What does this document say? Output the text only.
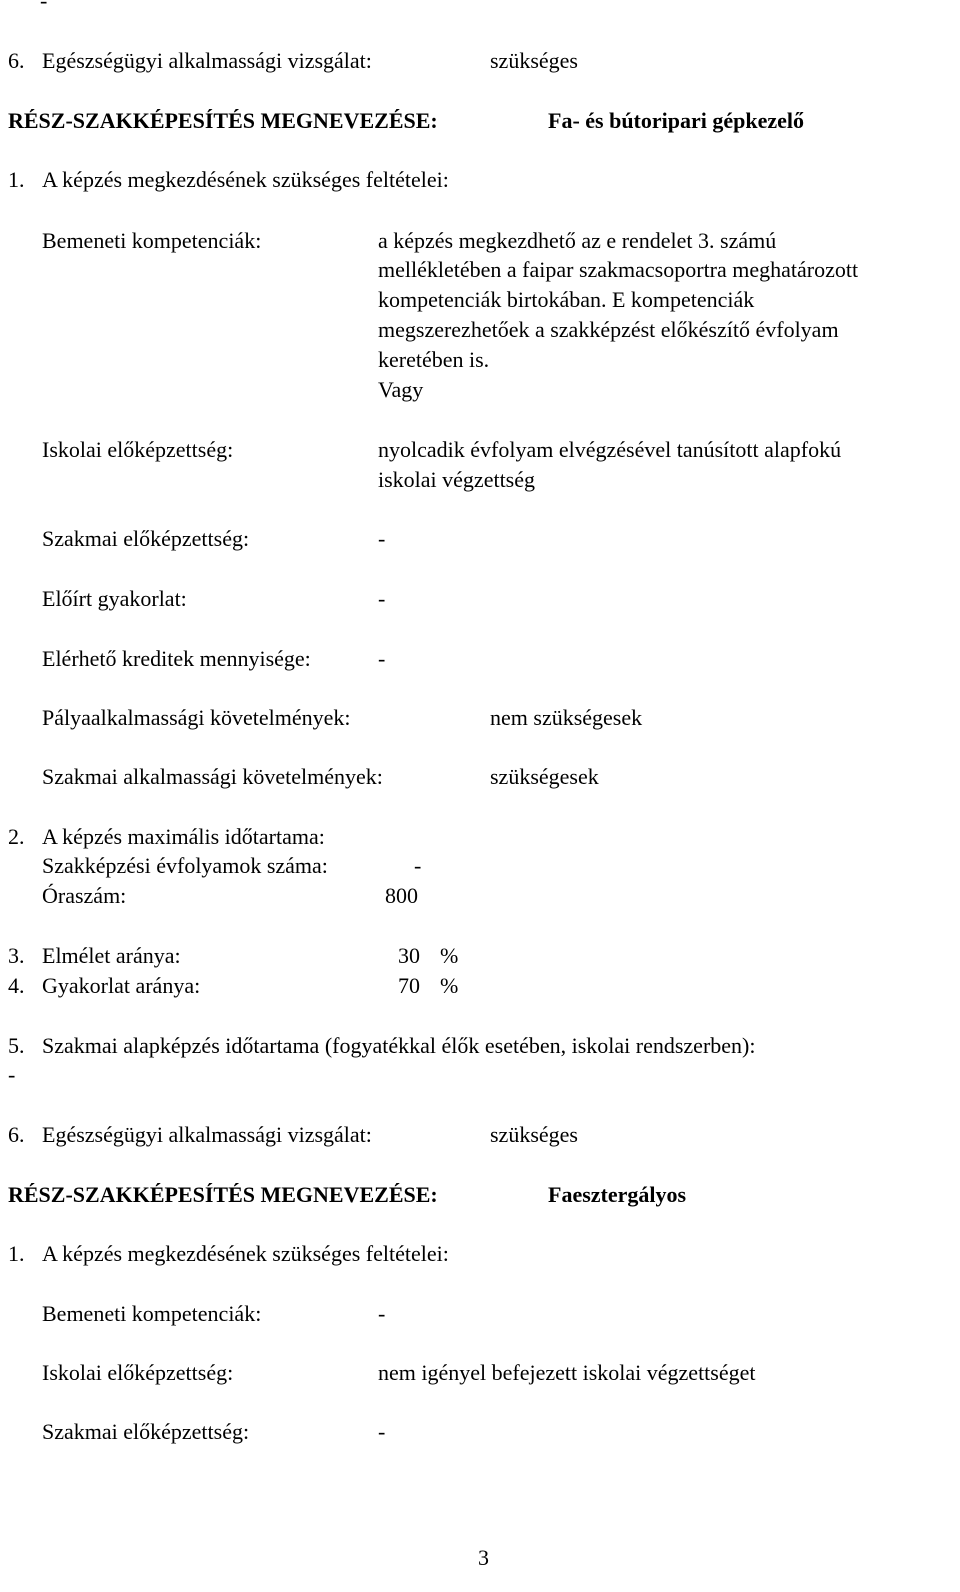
-
6. Egészségügyi alkalmassági vizsgálat:	szükséges
RÉSZ-SZAKKÉPESÍTÉS MEGNEVEZÉSE:	Fa- és bútoripari gépkezelő
1. A képzés megkezdésének szükséges feltételei:
Bemeneti kompetenciák:	a képzés megkezdhető az e rendelet 3. számú
mellékletében a faipar szakmacsoportra meghatározott
kompetenciák birtokában. E kompetenciák
megszerezhetőek a szakképzést előkészítő évfolyam
keretében is.
Vagy
Iskolai előképzettség:	nyolcadik évfolyam elvégzésével tanúsított alapfokú
iskolai végzettség
Szakmai előképzettség:	-
Előírt gyakorlat:	-
Elérhető kreditek mennyisége:	-
Pályaalkalmassági követelmények:	nem szükségesek
Szakmai alkalmassági követelmények:	szükségesek
2. A képzés maximális időtartama:
Szakképzési évfolyamok száma:	-
Óraszám:	800
3. Elmélet aránya:	30 %
4. Gyakorlat aránya:	70 %
5. Szakmai alapképzés időtartama (fogyatékkal élők esetében, iskolai rendszerben):
-
6. Egészségügyi alkalmassági vizsgálat:	szükséges
RÉSZ-SZAKKÉPESÍTÉS MEGNEVEZÉSE:	Faesztergályos
1. A képzés megkezdésének szükséges feltételei:
Bemeneti kompetenciák:	-
Iskolai előképzettség:	nem igényel befejezett iskolai végzettséget
Szakmai előképzettség:	-
3
